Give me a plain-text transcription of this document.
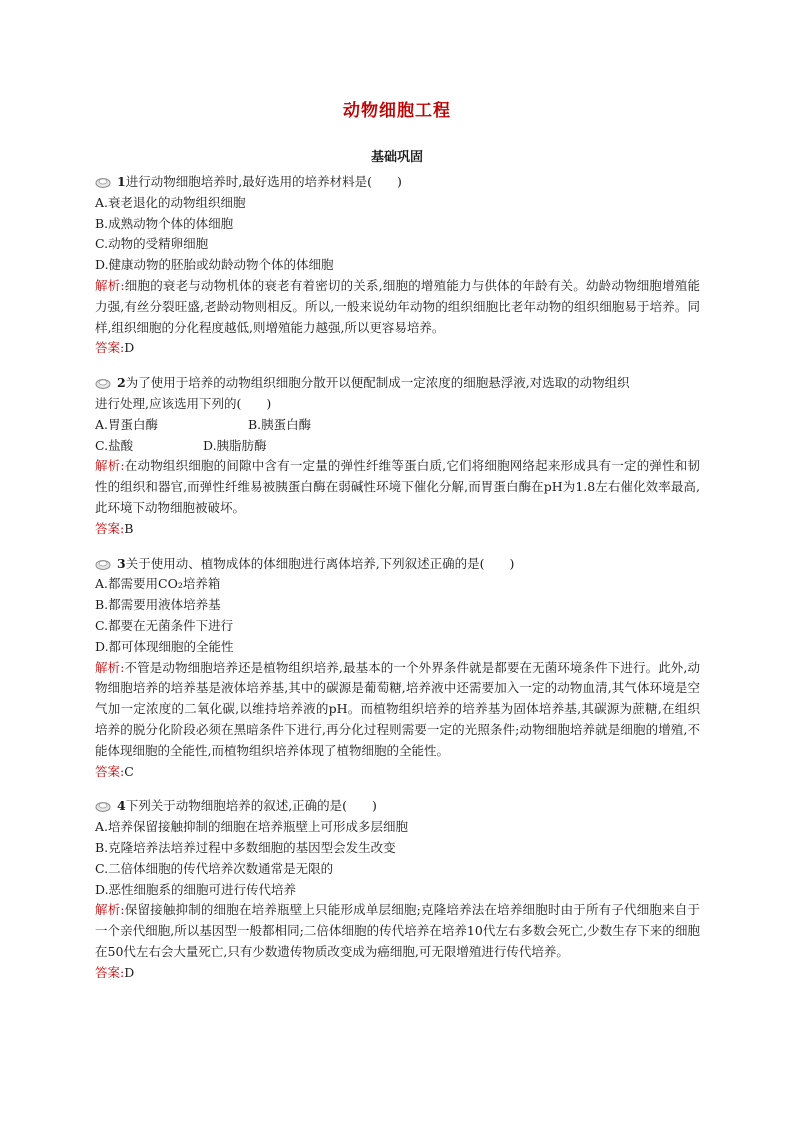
动物细胞工程
基础巩固
1进行动物细胞培养时,最好选用的培养材料是(　　)
A.衰老退化的动物组织细胞
B.成熟动物个体的体细胞
C.动物的受精卵细胞
D.健康动物的胚胎或幼龄动物个体的体细胞
解析:细胞的衰老与动物机体的衰老有着密切的关系,细胞的增殖能力与供体的年龄有关。幼龄动物细胞增殖能力强,有丝分裂旺盛,老龄动物则相反。所以,一般来说幼年动物的组织细胞比老年动物的组织细胞易于培养。同样,组织细胞的分化程度越低,则增殖能力越强,所以更容易培养。
答案:D
2为了使用于培养的动物组织细胞分散开以便配制成一定浓度的细胞悬浮液,对选取的动物组织
进行处理,应该选用下列的(　　)
A.胃蛋白酶	B.胰蛋白酶
C.盐酸	D.胰脂肪酶
解析:在动物组织细胞的间隙中含有一定量的弹性纤维等蛋白质,它们将细胞网络起来形成具有一定的弹性和韧性的组织和器官,而弹性纤维易被胰蛋白酶在弱碱性环境下催化分解,而胃蛋白酶在pH为1.8左右催化效率最高,此环境下动物细胞被破坏。
答案:B
3关于使用动、植物成体的体细胞进行离体培养,下列叙述正确的是(　　)
A.都需要用CO₂培养箱
B.都需要用液体培养基
C.都要在无菌条件下进行
D.都可体现细胞的全能性
解析:不管是动物细胞培养还是植物组织培养,最基本的一个外界条件就是都要在无菌环境条件下进行。此外,动物细胞培养的培养基是液体培养基,其中的碳源是葡萄糖,培养液中还需要加入一定的动物血清,其气体环境是空气加一定浓度的二氧化碳,以维持培养液的pH。而植物组织培养的培养基为固体培养基,其碳源为蔗糖,在组织培养的脱分化阶段必须在黑暗条件下进行,再分化过程则需要一定的光照条件;动物细胞培养就是细胞的增殖,不能体现细胞的全能性,而植物组织培养体现了植物细胞的全能性。
答案:C
4下列关于动物细胞培养的叙述,正确的是(　　)
A.培养保留接触抑制的细胞在培养瓶壁上可形成多层细胞
B.克隆培养法培养过程中多数细胞的基因型会发生改变
C.二倍体细胞的传代培养次数通常是无限的
D.恶性细胞系的细胞可进行传代培养
解析:保留接触抑制的细胞在培养瓶壁上只能形成单层细胞;克隆培养法在培养细胞时由于所有子代细胞来自于一个亲代细胞,所以基因型一般都相同;二倍体细胞的传代培养在培养10代左右多数会死亡,少数生存下来的细胞在50代左右会大量死亡,只有少数遗传物质改变成为癌细胞,可无限增殖进行传代培养。
答案:D
